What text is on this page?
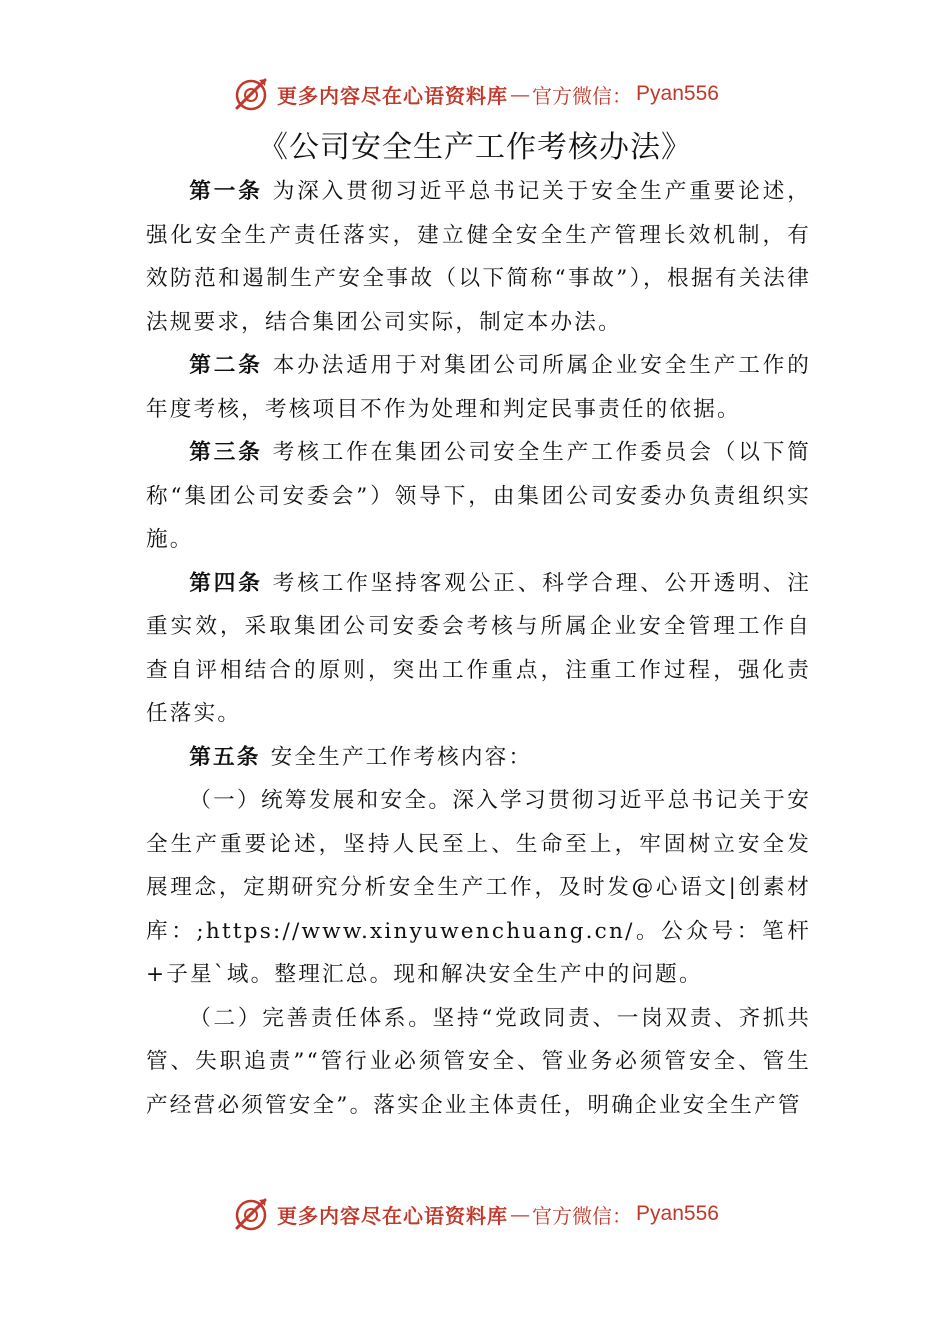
更多内容尽在心语资料库 — 官方微信： Pyan556
《公司安全生产工作考核办法》

第一条 为深入贯彻习近平总书记关于安全生产重要论述，强化安全生产责任落实，建立健全安全生产管理长效机制，有效防范和遏制生产安全事故（以下简称“事故”），根据有关法律法规要求，结合集团公司实际，制定本办法。

第二条 本办法适用于对集团公司所属企业安全生产工作的年度考核，考核项目不作为处理和判定民事责任的依据。

第三条 考核工作在集团公司安全生产工作委员会（以下简称“集团公司安委会”）领导下，由集团公司安委办负责组织实施。

第四条 考核工作坚持客观公正、科学合理、公开透明、注重实效，采取集团公司安委会考核与所属企业安全管理工作自查自评相结合的原则，突出工作重点，注重工作过程，强化责任落实。

第五条 安全生产工作考核内容：

（一）统筹发展和安全。深入学习贯彻习近平总书记关于安全生产重要论述，坚持人民至上、生命至上，牢固树立安全发展理念，定期研究分析安全生产工作，及时发@心语文|创素材库：;https://www.xinyuwenchuang.cn/。公众号：笔杆+子星`域。整理汇总。现和解决安全生产中的问题。

（二）完善责任体系。坚持“党政同责、一岗双责、齐抓共管、失职追责”“管行业必须管安全、管业务必须管安全、管生产经营必须管安全”。落实企业主体责任，明确企业安全生产管

更多内容尽在心语资料库 — 官方微信： Pyan556
